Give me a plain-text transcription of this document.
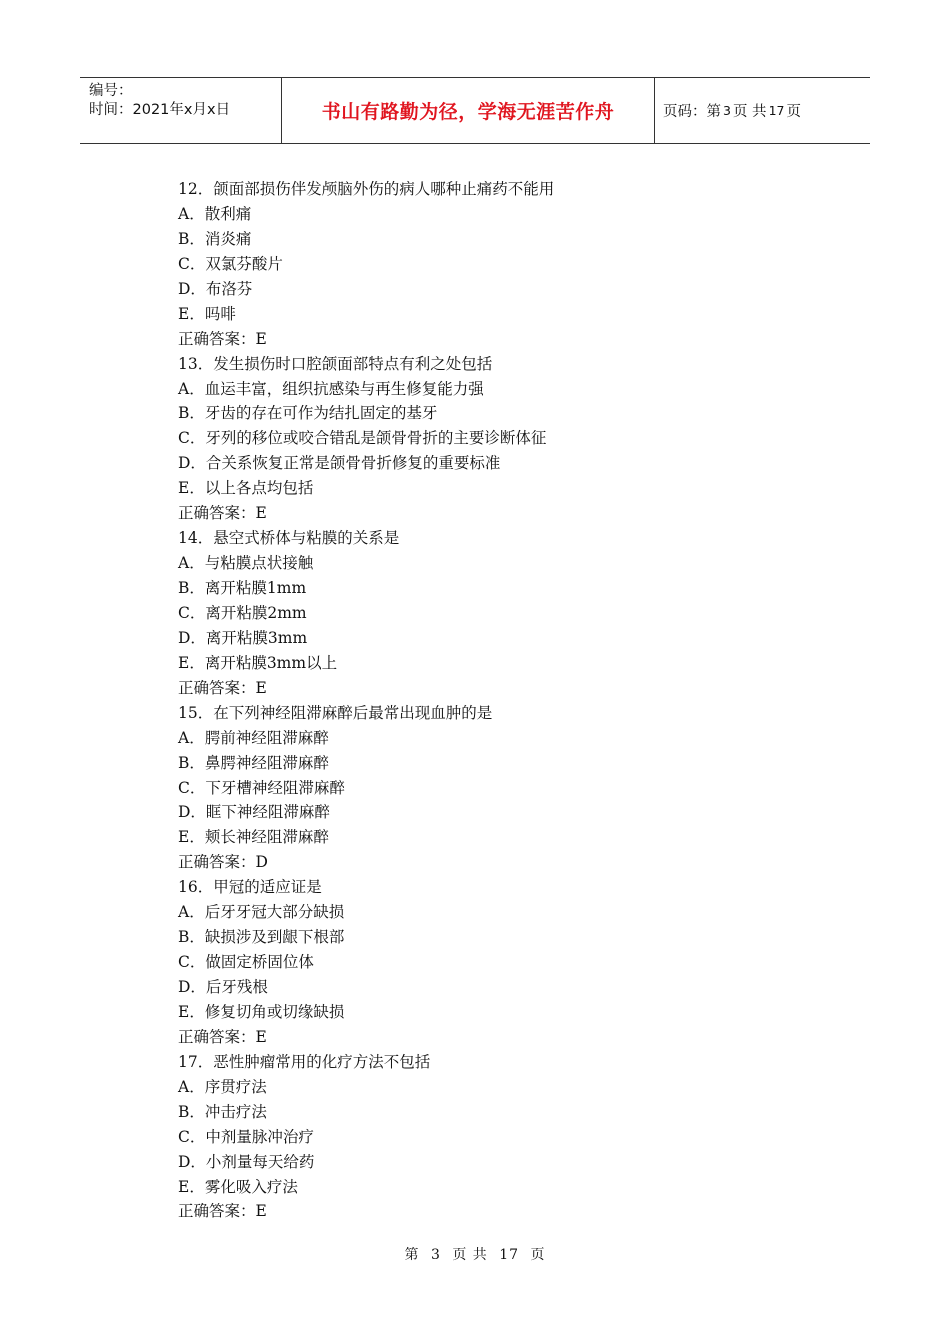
编号：
时间：2021年x月x日	书山有路勤为径，学海无涯苦作舟	页码：第 3 页 共 17 页
12．颌面部损伤伴发颅脑外伤的病人哪种止痛药不能用
A．散利痛
B．消炎痛
C．双氯芬酸片
D．布洛芬
E．吗啡
正确答案：E
13．发生损伤时口腔颌面部特点有利之处包括
A．血运丰富，组织抗感染与再生修复能力强
B．牙齿的存在可作为结扎固定的基牙
C．牙列的移位或咬合错乱是颌骨骨折的主要诊断体征
D．合关系恢复正常是颌骨骨折修复的重要标准
E．以上各点均包括
正确答案：E
14．悬空式桥体与粘膜的关系是
A．与粘膜点状接触
B．离开粘膜1mm
C．离开粘膜2mm
D．离开粘膜3mm
E．离开粘膜3mm以上
正确答案：E
15．在下列神经阻滞麻醉后最常出现血肿的是
A．腭前神经阻滞麻醉
B．鼻腭神经阻滞麻醉
C．下牙槽神经阻滞麻醉
D．眶下神经阻滞麻醉
E．颊长神经阻滞麻醉
正确答案：D
16．甲冠的适应证是
A．后牙牙冠大部分缺损
B．缺损涉及到龈下根部
C．做固定桥固位体
D．后牙残根
E．修复切角或切缘缺损
正确答案：E
17．恶性肿瘤常用的化疗方法不包括
A．序贯疗法
B．冲击疗法
C．中剂量脉冲治疗
D．小剂量每天给药
E．雾化吸入疗法
正确答案：E
第 3 页 共 17 页
